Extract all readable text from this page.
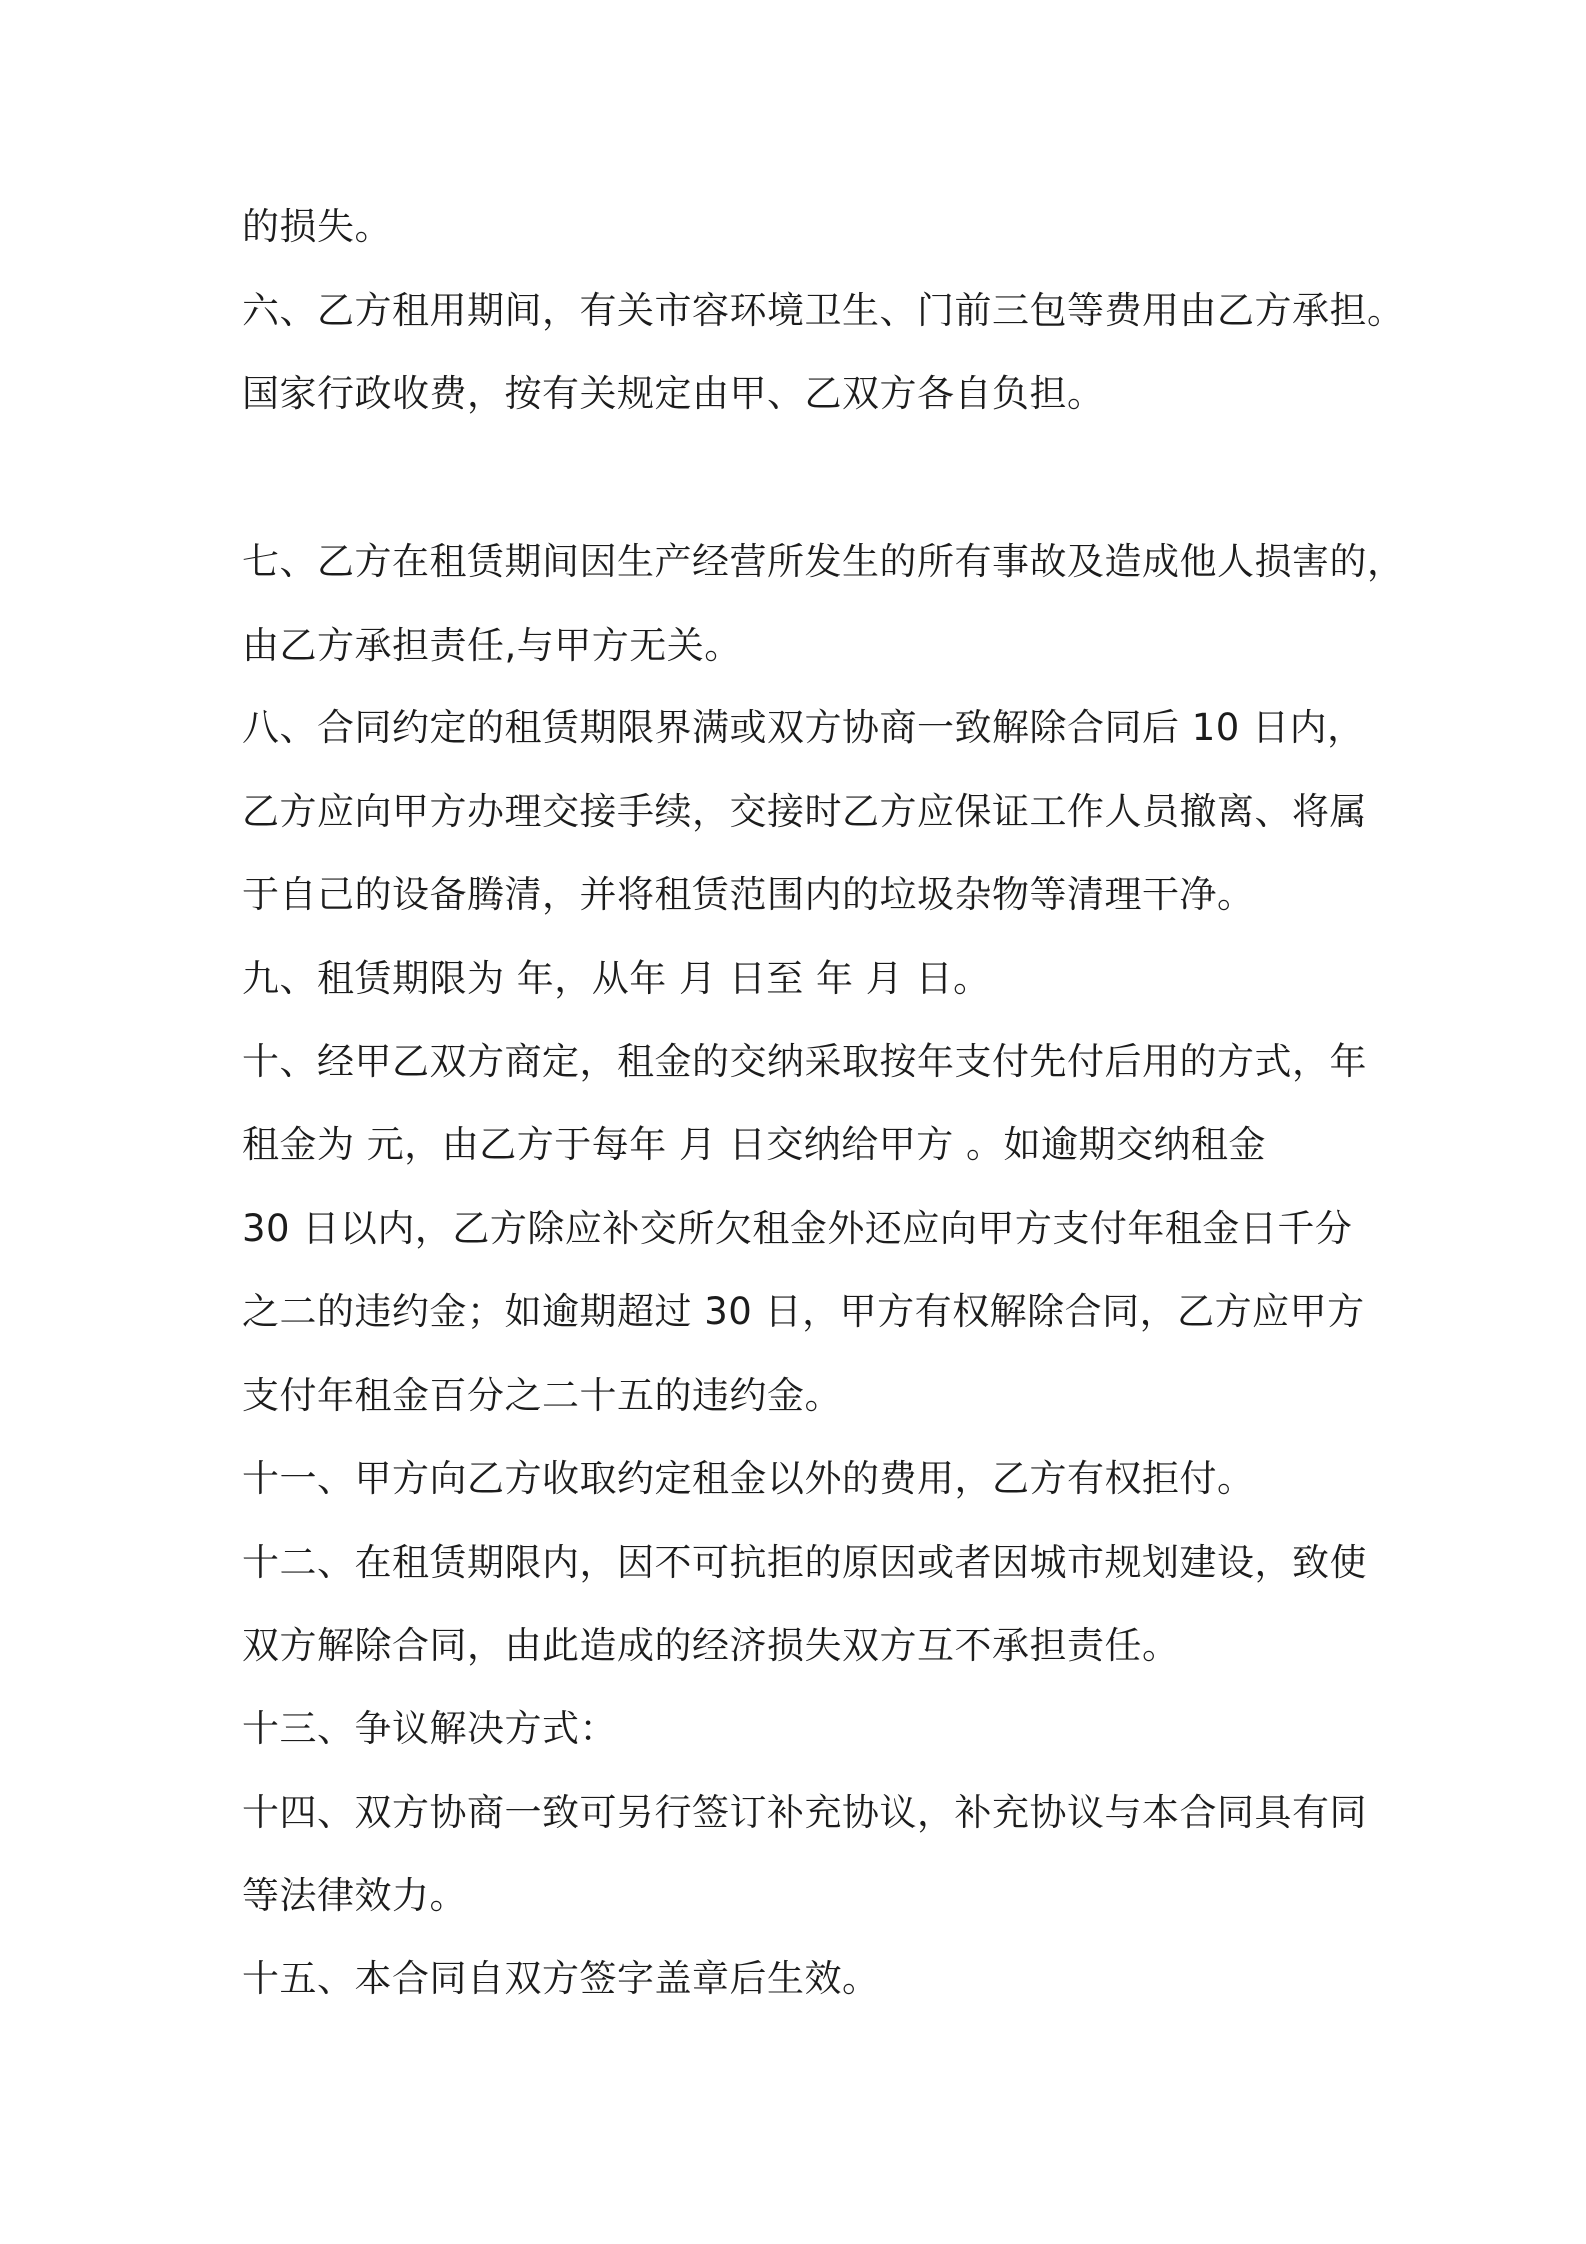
的损失。
六、乙方租用期间，有关市容环境卫生、门前三包等费用由乙方承担。
国家行政收费，按有关规定由甲、乙双方各自负担。
七、乙方在租赁期间因生产经营所发生的所有事故及造成他人损害的，
由乙方承担责任,与甲方无关。
八、合同约定的租赁期限界满或双方协商一致解除合同后 10 日内，
乙方应向甲方办理交接手续，交接时乙方应保证工作人员撤离、将属
于自己的设备腾清，并将租赁范围内的垃圾杂物等清理干净。
九、租赁期限为 年，从年 月 日至 年 月 日。
十、经甲乙双方商定，租金的交纳采取按年支付先付后用的方式，年
租金为 元，由乙方于每年 月 日交纳给甲方 。如逾期交纳租金
30 日以内，乙方除应补交所欠租金外还应向甲方支付年租金日千分
之二的违约金；如逾期超过 30 日，甲方有权解除合同，乙方应甲方
支付年租金百分之二十五的违约金。
十一、甲方向乙方收取约定租金以外的费用，乙方有权拒付。
十二、在租赁期限内，因不可抗拒的原因或者因城市规划建设，致使
双方解除合同，由此造成的经济损失双方互不承担责任。
十三、争议解决方式：
十四、双方协商一致可另行签订补充协议，补充协议与本合同具有同
等法律效力。
十五、本合同自双方签字盖章后生效。
